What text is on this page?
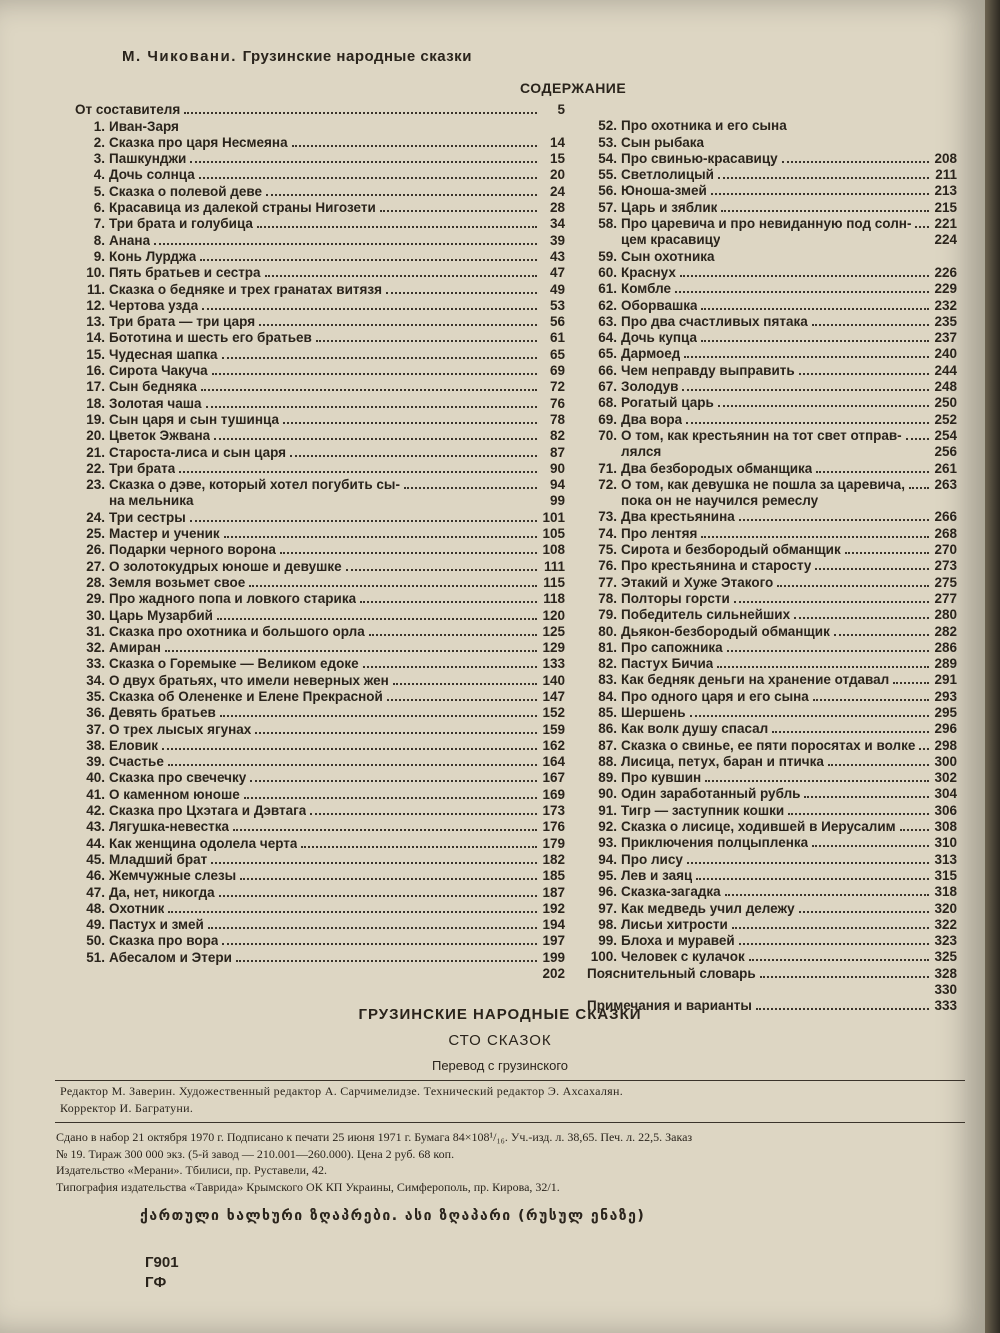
М. Чиковани. Грузинские народные сказки
СОДЕРЖАНИЕ
От составителя	5
1. Иван-Заря
2. Сказка про царя Несмеяна	14
3. Пашкунджи	15
4. Дочь солнца	20
5. Сказка о полевой деве	24
6. Красавица из далекой страны Нигозети	28
7. Три брата и голубица	34
8. Анана	39
9. Конь Лурджа	43
10. Пять братьев и сестра	47
11. Сказка о бедняке и трех гранатах витязя	49
12. Чертова узда	53
13. Три брата — три царя	56
14. Бототина и шесть его братьев	61
15. Чудесная шапка	65
16. Сирота Чакуча	69
17. Сын бедняка	72
18. Золотая чаша	76
19. Сын царя и сын тушинца	78
20. Цветок Эжвана	82
21. Староста-лиса и сын царя	87
22. Три брата	90
23. Сказка о дэве, который хотел погубить сы-	94
на мельника	99
24. Три сестры	101
25. Мастер и ученик	105
26. Подарки черного ворона	108
27. О золотокудрых юноше и девушке	111
28. Земля возьмет свое	115
29. Про жадного попа и ловкого старика	118
30. Царь Музарбий	120
31. Сказка про охотника и большого орла	125
32. Амиран	129
33. Сказка о Горемыке — Великом едоке	133
34. О двух братьях, что имели неверных жен	140
35. Сказка об Олененке и Елене Прекрасной	147
36. Девять братьев	152
37. О трех лысых ягунах	159
38. Еловик	162
39. Счастье	164
40. Сказка про свечечку	167
41. О каменном юноше	169
42. Сказка про Цхэтага и Дэвтага	173
43. Лягушка-невестка	176
44. Как женщина одолела черта	179
45. Младший брат	182
46. Жемчужные слезы	185
47. Да, нет, никогда	187
48. Охотник	192
49. Пастух и змей	194
50. Сказка про вора	197
51. Абесалом и Этери	199
202
52. Про охотника и его сына
53. Сын рыбака
54. Про свинью-красавицу	208
55. Светлолицый	211
56. Юноша-змей	213
57. Царь и зяблик	215
58. Про царевича и про невиданную под солн- 221
цем красавицу	224
59. Сын охотника
60. Краснух	226
61. Комбле	229
62. Оборвашка	232
63. Про два счастливых пятака	235
64. Дочь купца	237
65. Дармоед	240
66. Чем неправду выправить	244
67. Золодув	248
68. Рогатый царь	250
69. Два вора	252
70. О том, как крестьянин на тот свет отправ- 254
лялся	256
71. Два безбородых обманщика	261
72. О том, как девушка не пошла за царевича, 263
пока он не научился ремеслу
73. Два крестьянина	266
74. Про лентяя	268
75. Сирота и безбородый обманщик	270
76. Про крестьянина и старосту	273
77. Этакий и Хуже Этакого	275
78. Полторы горсти	277
79. Победитель сильнейших	280
80. Дьякон-безбородый обманщик	282
81. Про сапожника	286
82. Пастух Бичиа	289
83. Как бедняк деньги на хранение отдавал	291
84. Про одного царя и его сына	293
85. Шершень	295
86. Как волк душу спасал	296
87. Сказка о свинье, ее пяти поросятах и волке 298
88. Лисица, петух, баран и птичка	300
89. Про кувшин	302
90. Один заработанный рубль	304
91. Тигр — заступник кошки	306
92. Сказка о лисице, ходившей в Иерусалим	308
93. Приключения полцыпленка	310
94. Про лису	313
95. Лев и заяц	315
96. Сказка-загадка	318
97. Как медведь учил дележу	320
98. Лисьи хитрости	322
99. Блоха и муравей	323
100. Человек с кулачок	325
Пояснительный словарь	328
330
Примечания и варианты	333
ГРУЗИНСКИЕ НАРОДНЫЕ СКАЗКИ
СТО СКАЗОК
Перевод с грузинского
Редактор М. Заверин. Художественный редактор А. Сарчимелидзе. Технический редактор Э. Ахсахалян.
Корректор И. Багратуни.
Сдано в набор 21 октября 1970 г. Подписано к печати 25 июня 1971 г. Бумага 84×108¹/₁₆. Уч.-изд. л. 38,65. Печ. л. 22,5. Заказ
№ 19. Тираж 300 000 экз. (5-й завод — 210.001—260.000). Цена 2 руб. 68 коп.
Издательство «Мерани». Тбилиси, пр. Руставели, 42.
Типография издательства «Таврида» Крымского ОК КП Украины, Симферополь, пр. Кирова, 32/1.
ქართული ხალხური ზღაპრები. ასი ზღაპარი (რუსულ ენაზე)
Г901
ГФ
